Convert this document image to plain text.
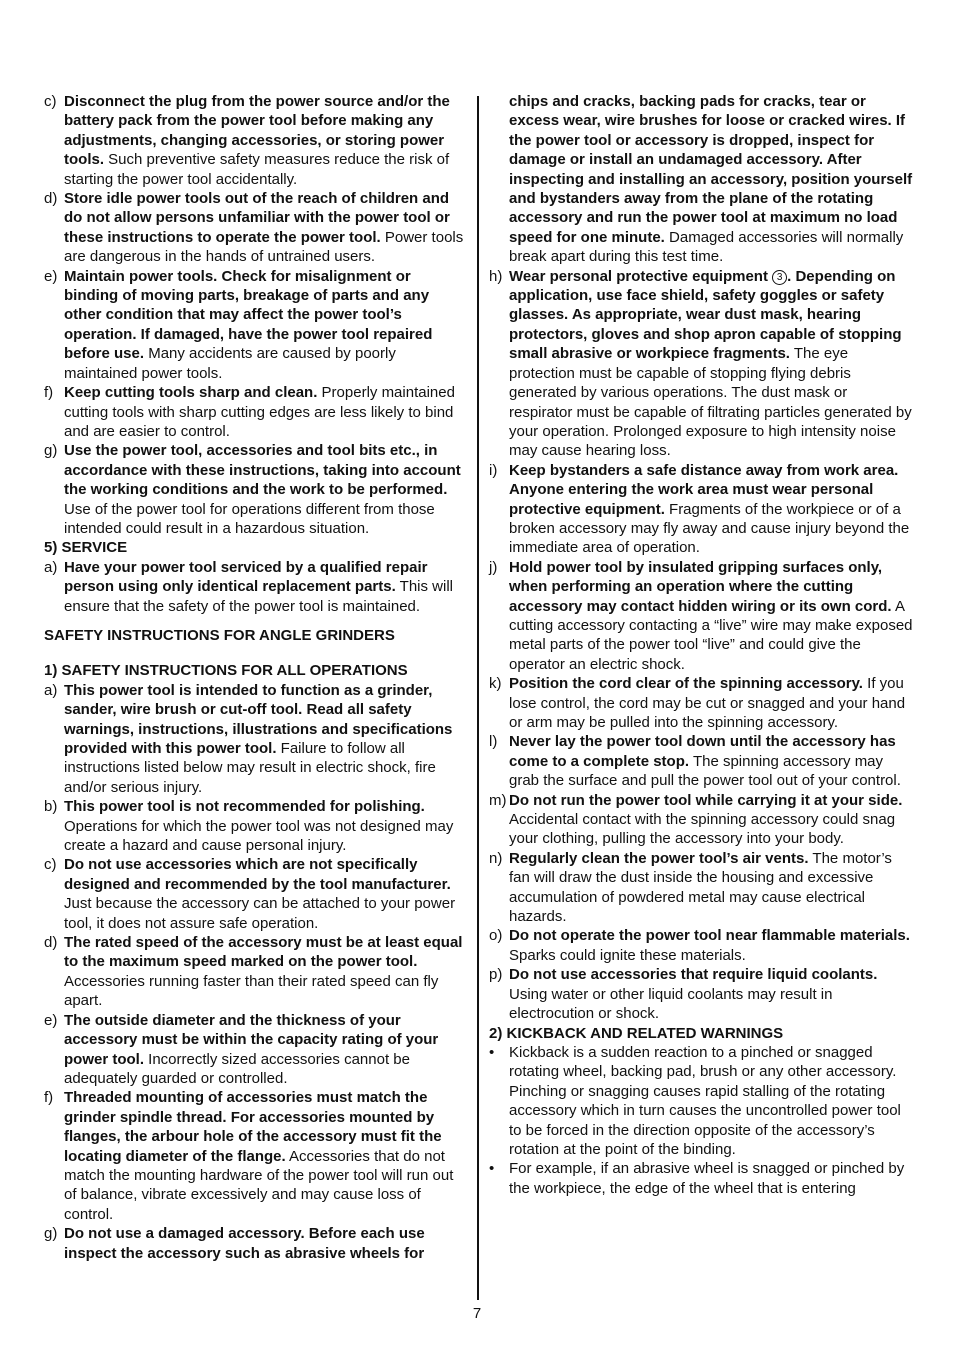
c) Disconnect the plug from the power source and/or the battery pack from the power tool before making any adjustments, changing accessories, or storing power tools. Such preventive safety measures reduce the risk of starting the power tool accidentally.
d) Store idle power tools out of the reach of children and do not allow persons unfamiliar with the power tool or these instructions to operate the power tool. Power tools are dangerous in the hands of untrained users.
e) Maintain power tools. Check for misalignment or binding of moving parts, breakage of parts and any other condition that may affect the power tool’s operation. If damaged, have the power tool repaired before use. Many accidents are caused by poorly maintained power tools.
f) Keep cutting tools sharp and clean. Properly maintained cutting tools with sharp cutting edges are less likely to bind and are easier to control.
g) Use the power tool, accessories and tool bits etc., in accordance with these instructions, taking into account the working conditions and the work to be performed. Use of the power tool for operations different from those intended could result in a hazardous situation.
5) SERVICE
a) Have your power tool serviced by a qualified repair person using only identical replacement parts. This will ensure that the safety of the power tool is maintained.
SAFETY INSTRUCTIONS FOR ANGLE GRINDERS
1) SAFETY INSTRUCTIONS FOR ALL OPERATIONS
a) This power tool is intended to function as a grinder, sander, wire brush or cut-off tool. Read all safety warnings, instructions, illustrations and specifications provided with this power tool. Failure to follow all instructions listed below may result in electric shock, fire and/or serious injury.
b) This power tool is not recommended for polishing. Operations for which the power tool was not designed may create a hazard and cause personal injury.
c) Do not use accessories which are not specifically designed and recommended by the tool manufacturer. Just because the accessory can be attached to your power tool, it does not assure safe operation.
d) The rated speed of the accessory must be at least equal to the maximum speed marked on the power tool. Accessories running faster than their rated speed can fly apart.
e) The outside diameter and the thickness of your accessory must be within the capacity rating of your power tool. Incorrectly sized accessories cannot be adequately guarded or controlled.
f) Threaded mounting of accessories must match the grinder spindle thread. For accessories mounted by flanges, the arbour hole of the accessory must fit the locating diameter of the flange. Accessories that do not match the mounting hardware of the power tool will run out of balance, vibrate excessively and may cause loss of control.
g) Do not use a damaged accessory. Before each use inspect the accessory such as abrasive wheels for
chips and cracks, backing pads for cracks, tear or excess wear, wire brushes for loose or cracked wires. If the power tool or accessory is dropped, inspect for damage or install an undamaged accessory. After inspecting and installing an accessory, position yourself and bystanders away from the plane of the rotating accessory and run the power tool at maximum no load speed for one minute. Damaged accessories will normally break apart during this test time.
h) Wear personal protective equipment 3 . Depending on application, use face shield, safety goggles or safety glasses. As appropriate, wear dust mask, hearing protectors, gloves and shop apron capable of stopping small abrasive or workpiece fragments. The eye protection must be capable of stopping flying debris generated by various operations. The dust mask or respirator must be capable of filtrating particles generated by your operation. Prolonged exposure to high intensity noise may cause hearing loss.
i) Keep bystanders a safe distance away from work area. Anyone entering the work area must wear personal protective equipment. Fragments of the workpiece or of a broken accessory may fly away and cause injury beyond the immediate area of operation.
j) Hold power tool by insulated gripping surfaces only, when performing an operation where the cutting accessory may contact hidden wiring or its own cord. A cutting accessory contacting a “live” wire may make exposed metal parts of the power tool “live” and could give the operator an electric shock.
k) Position the cord clear of the spinning accessory. If you lose control, the cord may be cut or snagged and your hand or arm may be pulled into the spinning accessory.
l) Never lay the power tool down until the accessory has come to a complete stop. The spinning accessory may grab the surface and pull the power tool out of your control.
m) Do not run the power tool while carrying it at your side. Accidental contact with the spinning accessory could snag your clothing, pulling the accessory into your body.
n) Regularly clean the power tool’s air vents. The motor’s fan will draw the dust inside the housing and excessive accumulation of powdered metal may cause electrical hazards.
o) Do not operate the power tool near flammable materials. Sparks could ignite these materials.
p) Do not use accessories that require liquid coolants. Using water or other liquid coolants may result in electrocution or shock.
2) KICKBACK AND RELATED WARNINGS
• Kickback is a sudden reaction to a pinched or snagged rotating wheel, backing pad, brush or any other accessory. Pinching or snagging causes rapid stalling of the rotating accessory which in turn causes the uncontrolled power tool to be forced in the direction opposite of the accessory’s rotation at the point of the binding.
• For example, if an abrasive wheel is snagged or pinched by the workpiece, the edge of the wheel that is entering
7
